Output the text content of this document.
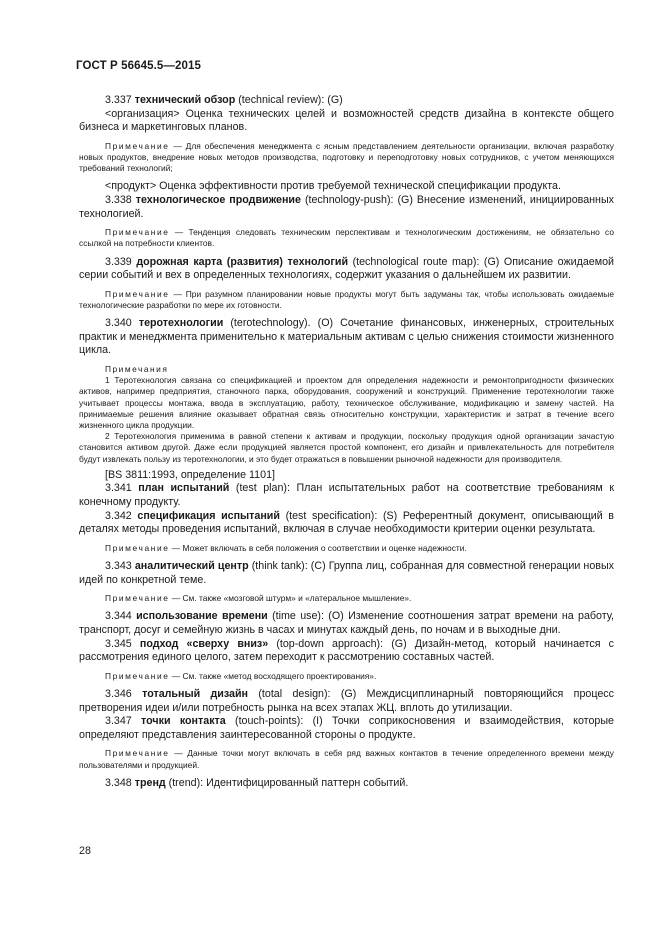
ГОСТ Р 56645.5—2015

3.337 технический обзор (technical review): (G)

<организация> Оценка технических целей и возможностей средств дизайна в контексте общего бизнеса и маркетинговых планов.

Примечание — Для обеспечения менеджмента с ясным представлением деятельности организации, включая разработку новых продуктов, внедрение новых методов производства, подготовку и переподготовку новых сотрудников, с учетом меняющихся требований технологий;

<продукт> Оценка эффективности против требуемой технической спецификации продукта.

3.338 технологическое продвижение (technology-push): (G) Внесение изменений, инициированных технологией.

Примечание — Тенденция следовать техническим перспективам и технологическим достижениям, не обязательно со ссылкой на потребности клиентов.

3.339 дорожная карта (развития) технологий (technological route map): (G) Описание ожидаемой серии событий и вех в определенных технологиях, содержит указания о дальнейшем их развитии.

Примечание — При разумном планировании новые продукты могут быть задуманы так, чтобы использовать ожидаемые технологические разработки по мере их готовности.

3.340 теротехнологии (terotechnology). (O) Сочетание финансовых, инженерных, строительных практик и менеджмента применительно к материальным активам с целью снижения стоимости жизненного цикла.

Примечания

1 Теротехнология связана со спецификацией и проектом для определения надежности и ремонтопригодности физических активов, например предприятия, станочного парка, оборудования, сооружений и конструкций. Применение теротехнологии также учитывает процессы монтажа, ввода в эксплуатацию, работу, техническое обслуживание, модификацию и замену частей. На принимаемые решения влияние оказывает обратная связь относительно конструкции, характеристик и затрат в течение всего жизненного цикла продукции.

2 Теротехнология применима в равной степени к активам и продукции, поскольку продукция одной организации зачастую становится активом другой. Даже если продукцией является простой компонент, его дизайн и привлекательность для потребителя будут извлекать пользу из теротехнологии, и это будет отражаться в повышении рыночной надежности для производителя.

[BS 3811:1993, определение 1101]

3.341 план испытаний (test plan): План испытательных работ на соответствие требованиям к конечному продукту.

3.342 спецификация испытаний (test specification): (S) Референтный документ, описывающий в деталях методы проведения испытаний, включая в случае необходимости критерии оценки результата.

Примечание — Может включать в себя положения о соответствии и оценке надежности.

3.343 аналитический центр (think tank): (C) Группа лиц, собранная для совместной генерации новых идей по конкретной теме.

Примечание — См. также «мозговой штурм» и «латеральное мышление».

3.344 использование времени (time use): (O) Изменение соотношения затрат времени на работу, транспорт, досуг и семейную жизнь в часах и минутах каждый день, по ночам и в выходные дни.

3.345 подход «сверху вниз» (top-down approach): (G) Дизайн-метод, который начинается с рассмотрения единого целого, затем переходит к рассмотрению составных частей.

Примечание — См. также «метод восходящего проектирования».

3.346 тотальный дизайн (total design): (G) Междисциплинарный повторяющийся процесс претворения идеи и/или потребность рынка на всех этапах ЖЦ. вплоть до утилизации.

3.347 точки контакта (touch-points): (I) Точки соприкосновения и взаимодействия, которые определяют представления заинтересованной стороны о продукте.

Примечание — Данные точки могут включать в себя ряд важных контактов в течение определенного времени между пользователями и продукцией.

3.348 тренд (trend): Идентифицированный паттерн событий.

28
